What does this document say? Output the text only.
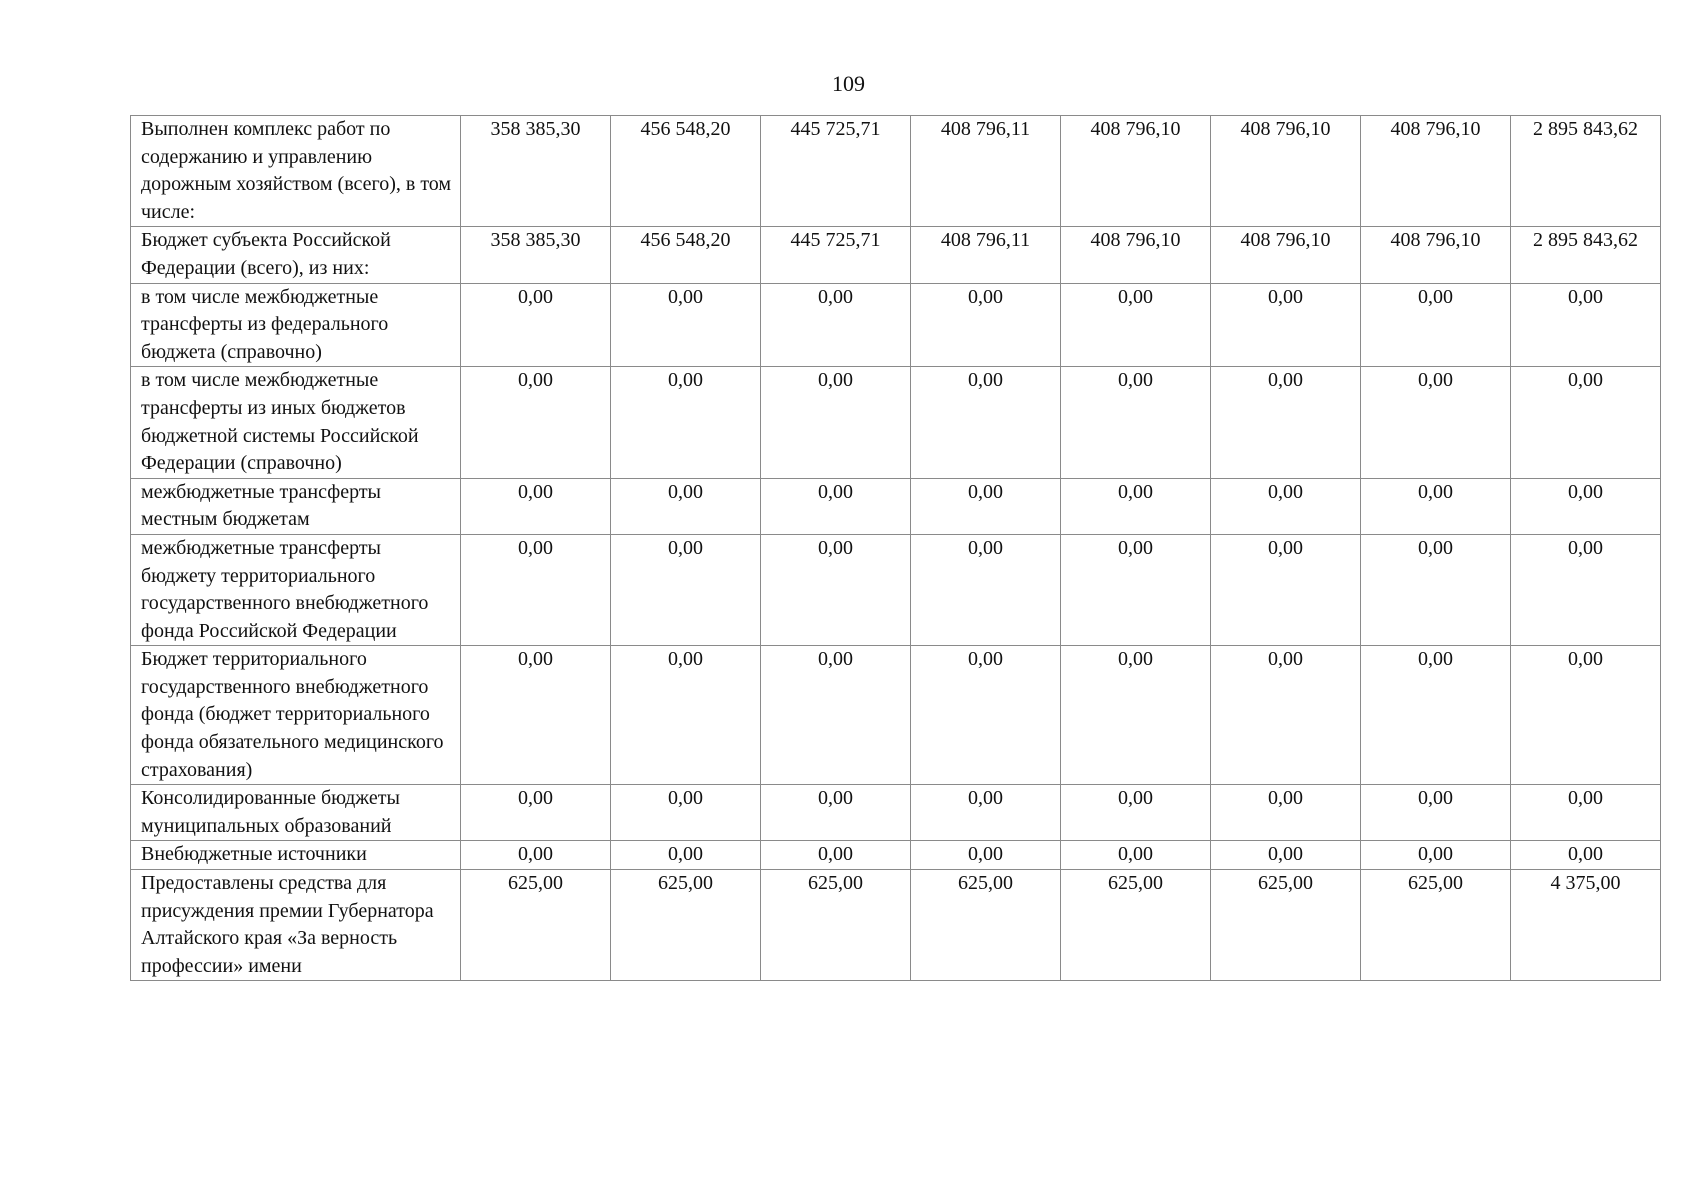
109
Выполнен комплекс работ по содержанию и управлению дорожным хозяйством (всего), в том числе:	358 385,30	456 548,20	445 725,71	408 796,11	408 796,10	408 796,10	408 796,10	2 895 843,62
Бюджет субъекта Российской Федерации (всего), из них:	358 385,30	456 548,20	445 725,71	408 796,11	408 796,10	408 796,10	408 796,10	2 895 843,62
в том числе межбюджетные трансферты из федерального бюджета (справочно)	0,00	0,00	0,00	0,00	0,00	0,00	0,00	0,00
в том числе межбюджетные трансферты из иных бюджетов бюджетной системы Российской Федерации (справочно)	0,00	0,00	0,00	0,00	0,00	0,00	0,00	0,00
межбюджетные трансферты местным бюджетам	0,00	0,00	0,00	0,00	0,00	0,00	0,00	0,00
межбюджетные трансферты бюджету территориального государственного внебюджетного фонда Российской Федерации	0,00	0,00	0,00	0,00	0,00	0,00	0,00	0,00
Бюджет территориального государственного внебюджетного фонда (бюджет территориального фонда обязательного медицинского страхования)	0,00	0,00	0,00	0,00	0,00	0,00	0,00	0,00
Консолидированные бюджеты муниципальных образований	0,00	0,00	0,00	0,00	0,00	0,00	0,00	0,00
Внебюджетные источники	0,00	0,00	0,00	0,00	0,00	0,00	0,00	0,00
Предоставлены средства для присуждения премии Губернатора Алтайского края «За верность профессии» имени	625,00	625,00	625,00	625,00	625,00	625,00	625,00	4 375,00
